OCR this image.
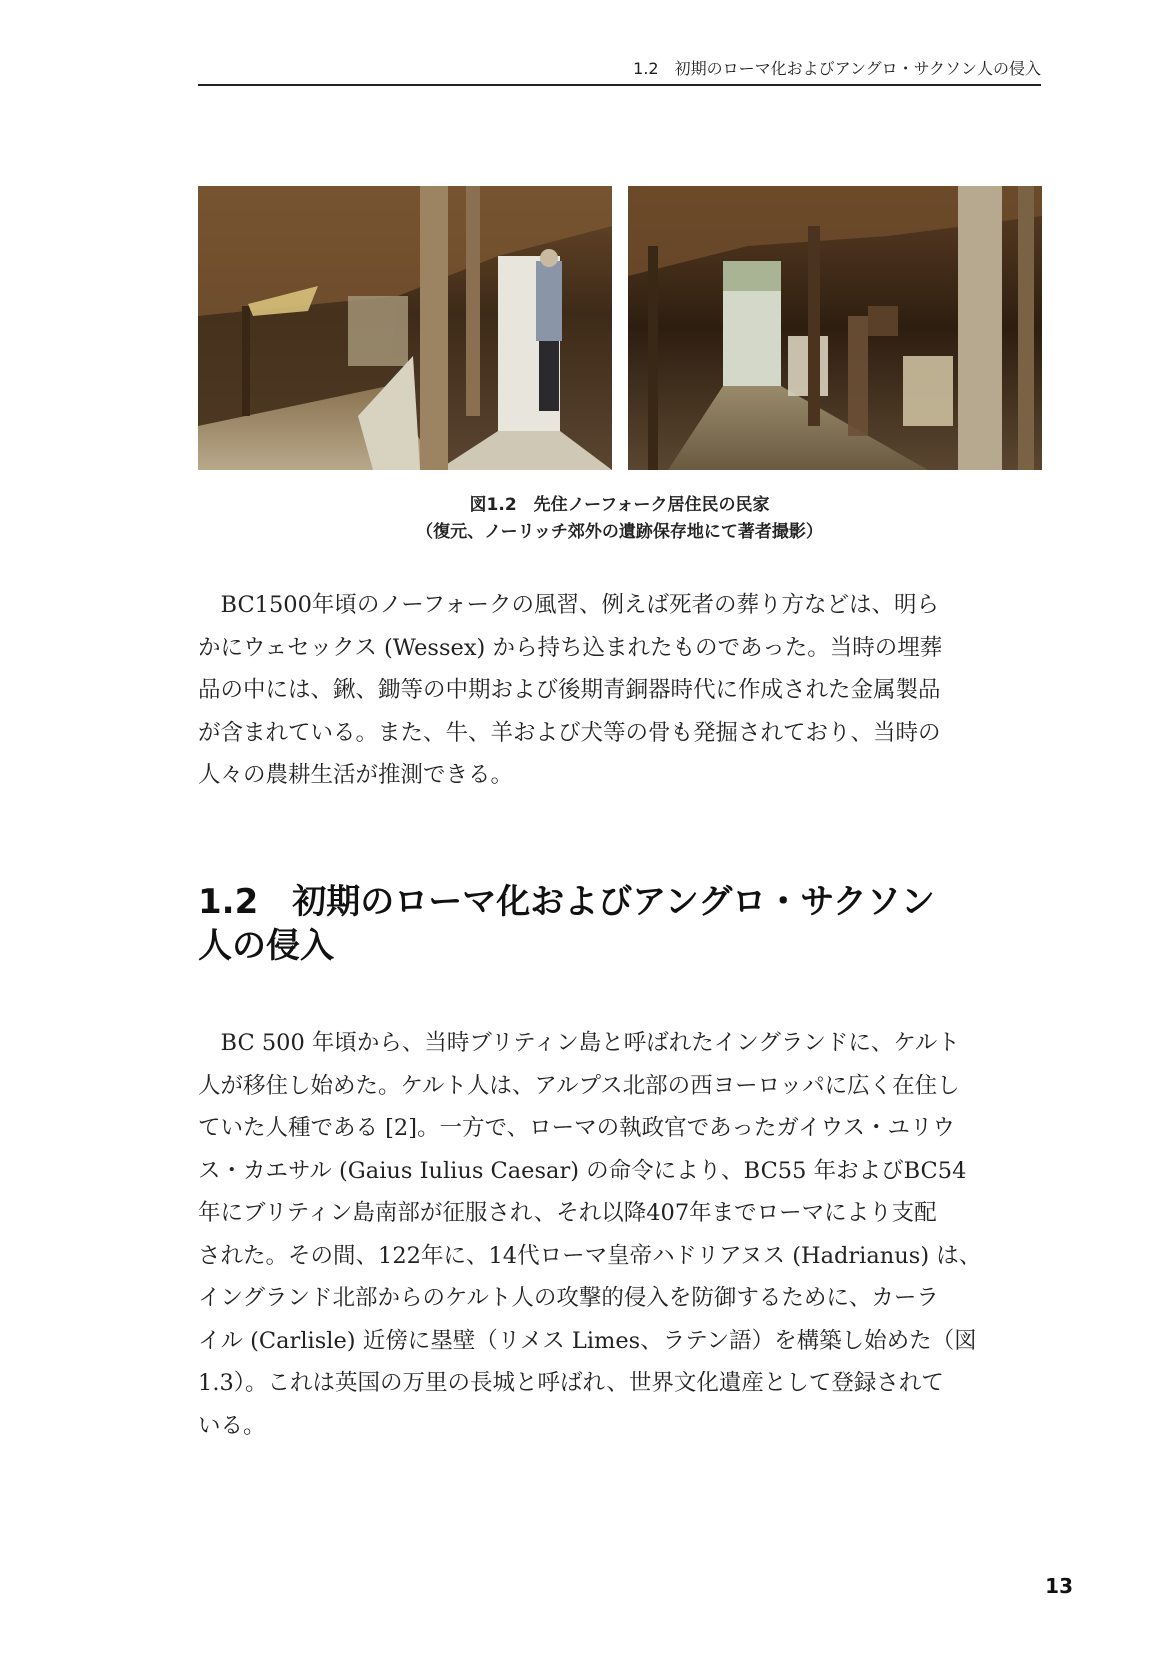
1.2　初期のローマ化およびアングロ・サクソン人の侵入
図1.2　先住ノーフォーク居住民の民家
（復元、ノーリッチ郊外の遺跡保存地にて著者撮影）
　BC1500年頃のノーフォークの風習、例えば死者の葬り方などは、明ら
かにウェセックス (Wessex) から持ち込まれたものであった。当時の埋葬
品の中には、鍬、鋤等の中期および後期青銅器時代に作成された金属製品
が含まれている。また、牛、羊および犬等の骨も発掘されており、当時の
人々の農耕生活が推測できる。
1.2　初期のローマ化およびアングロ・サクソン
人の侵入
　BC 500 年頃から、当時ブリティン島と呼ばれたイングランドに、ケルト
人が移住し始めた。ケルト人は、アルプス北部の西ヨーロッパに広く在住し
ていた人種である [2]。一方で、ローマの執政官であったガイウス・ユリウ
ス・カエサル (Gaius Iulius Caesar) の命令により、BC55 年およびBC54
年にブリティン島南部が征服され、それ以降407年までローマにより支配
された。その間、122年に、14代ローマ皇帝ハドリアヌス (Hadrianus) は、
イングランド北部からのケルト人の攻撃的侵入を防御するために、カーラ
イル (Carlisle) 近傍に塁壁（リメス Limes、ラテン語）を構築し始めた（図
1.3）。これは英国の万里の長城と呼ばれ、世界文化遺産として登録されて
いる。
13
